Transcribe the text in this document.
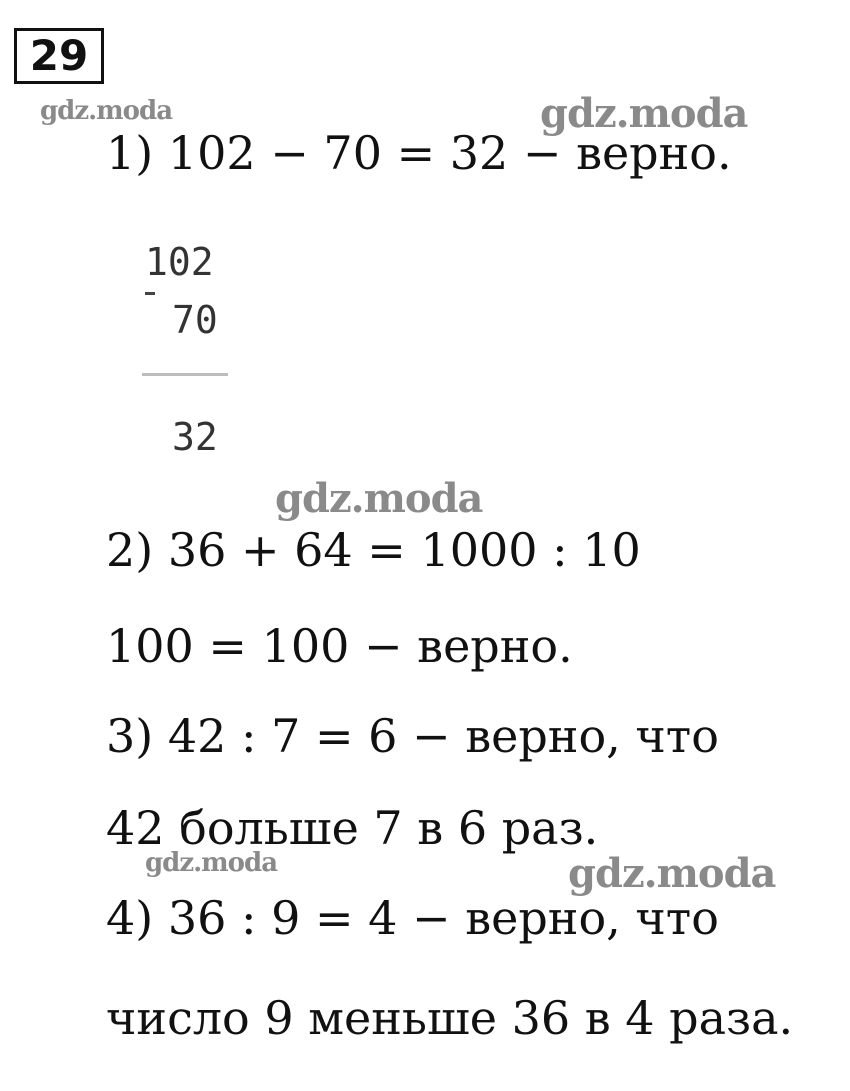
29
gdz.moda	gdz.moda
1) 102 − 70 = 32 − верно.
102
70
32
gdz.moda
2) 36 + 64 = 1000 : 10
100 = 100 − верно.
3) 42 : 7 = 6 − верно, что
42 больше 7 в 6 раз.
gdz.moda	gdz.moda
4) 36 : 9 = 4 − верно, что
число 9 меньше 36 в 4 раза.
